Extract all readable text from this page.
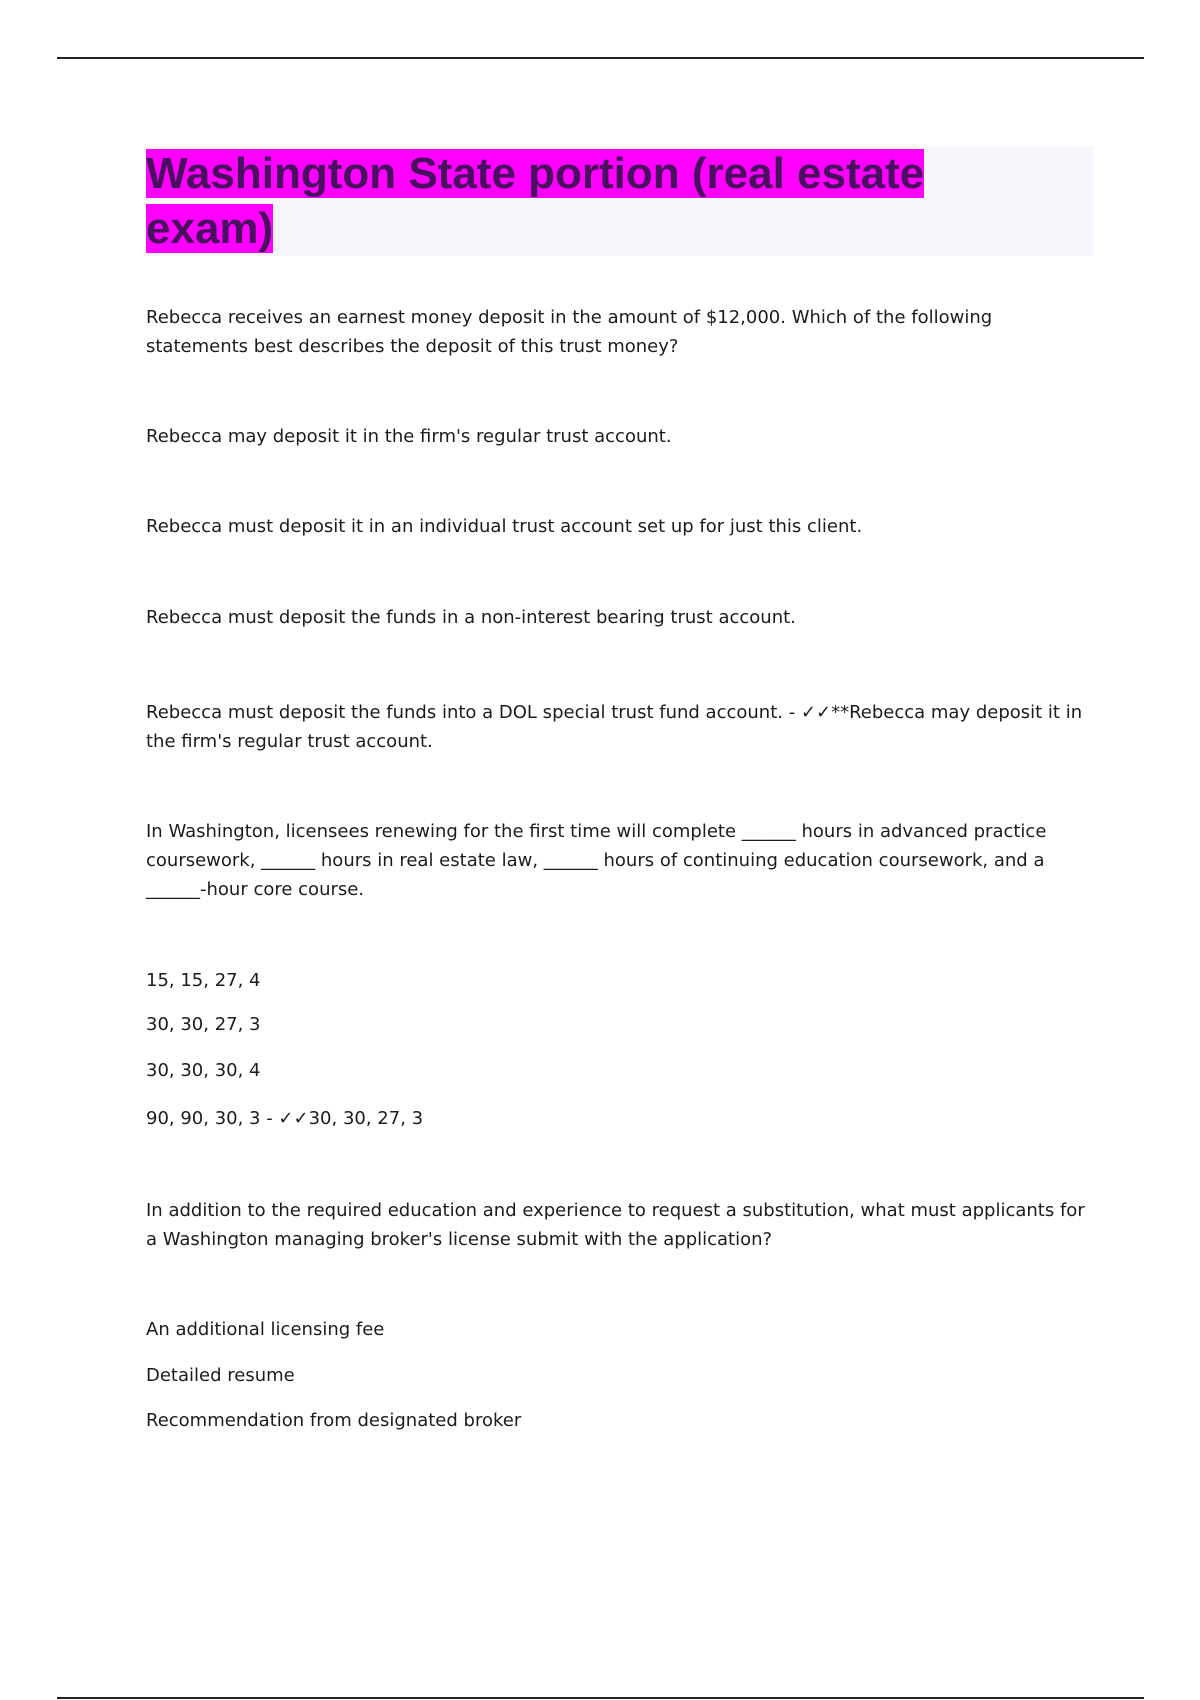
Washington State portion (real estate exam)

Rebecca receives an earnest money deposit in the amount of $12,000. Which of the following statements best describes the deposit of this trust money?

Rebecca may deposit it in the firm's regular trust account.

Rebecca must deposit it in an individual trust account set up for just this client.

Rebecca must deposit the funds in a non-interest bearing trust account.

Rebecca must deposit the funds into a DOL special trust fund account. - ✓✓**Rebecca may deposit it in the firm's regular trust account.

In Washington, licensees renewing for the first time will complete ______ hours in advanced practice coursework, ______ hours in real estate law, ______ hours of continuing education coursework, and a ______-hour core course.

15, 15, 27, 4

30, 30, 27, 3

30, 30, 30, 4

90, 90, 30, 3 - ✓✓30, 30, 27, 3

In addition to the required education and experience to request a substitution, what must applicants for a Washington managing broker's license submit with the application?

An additional licensing fee

Detailed resume

Recommendation from designated broker
